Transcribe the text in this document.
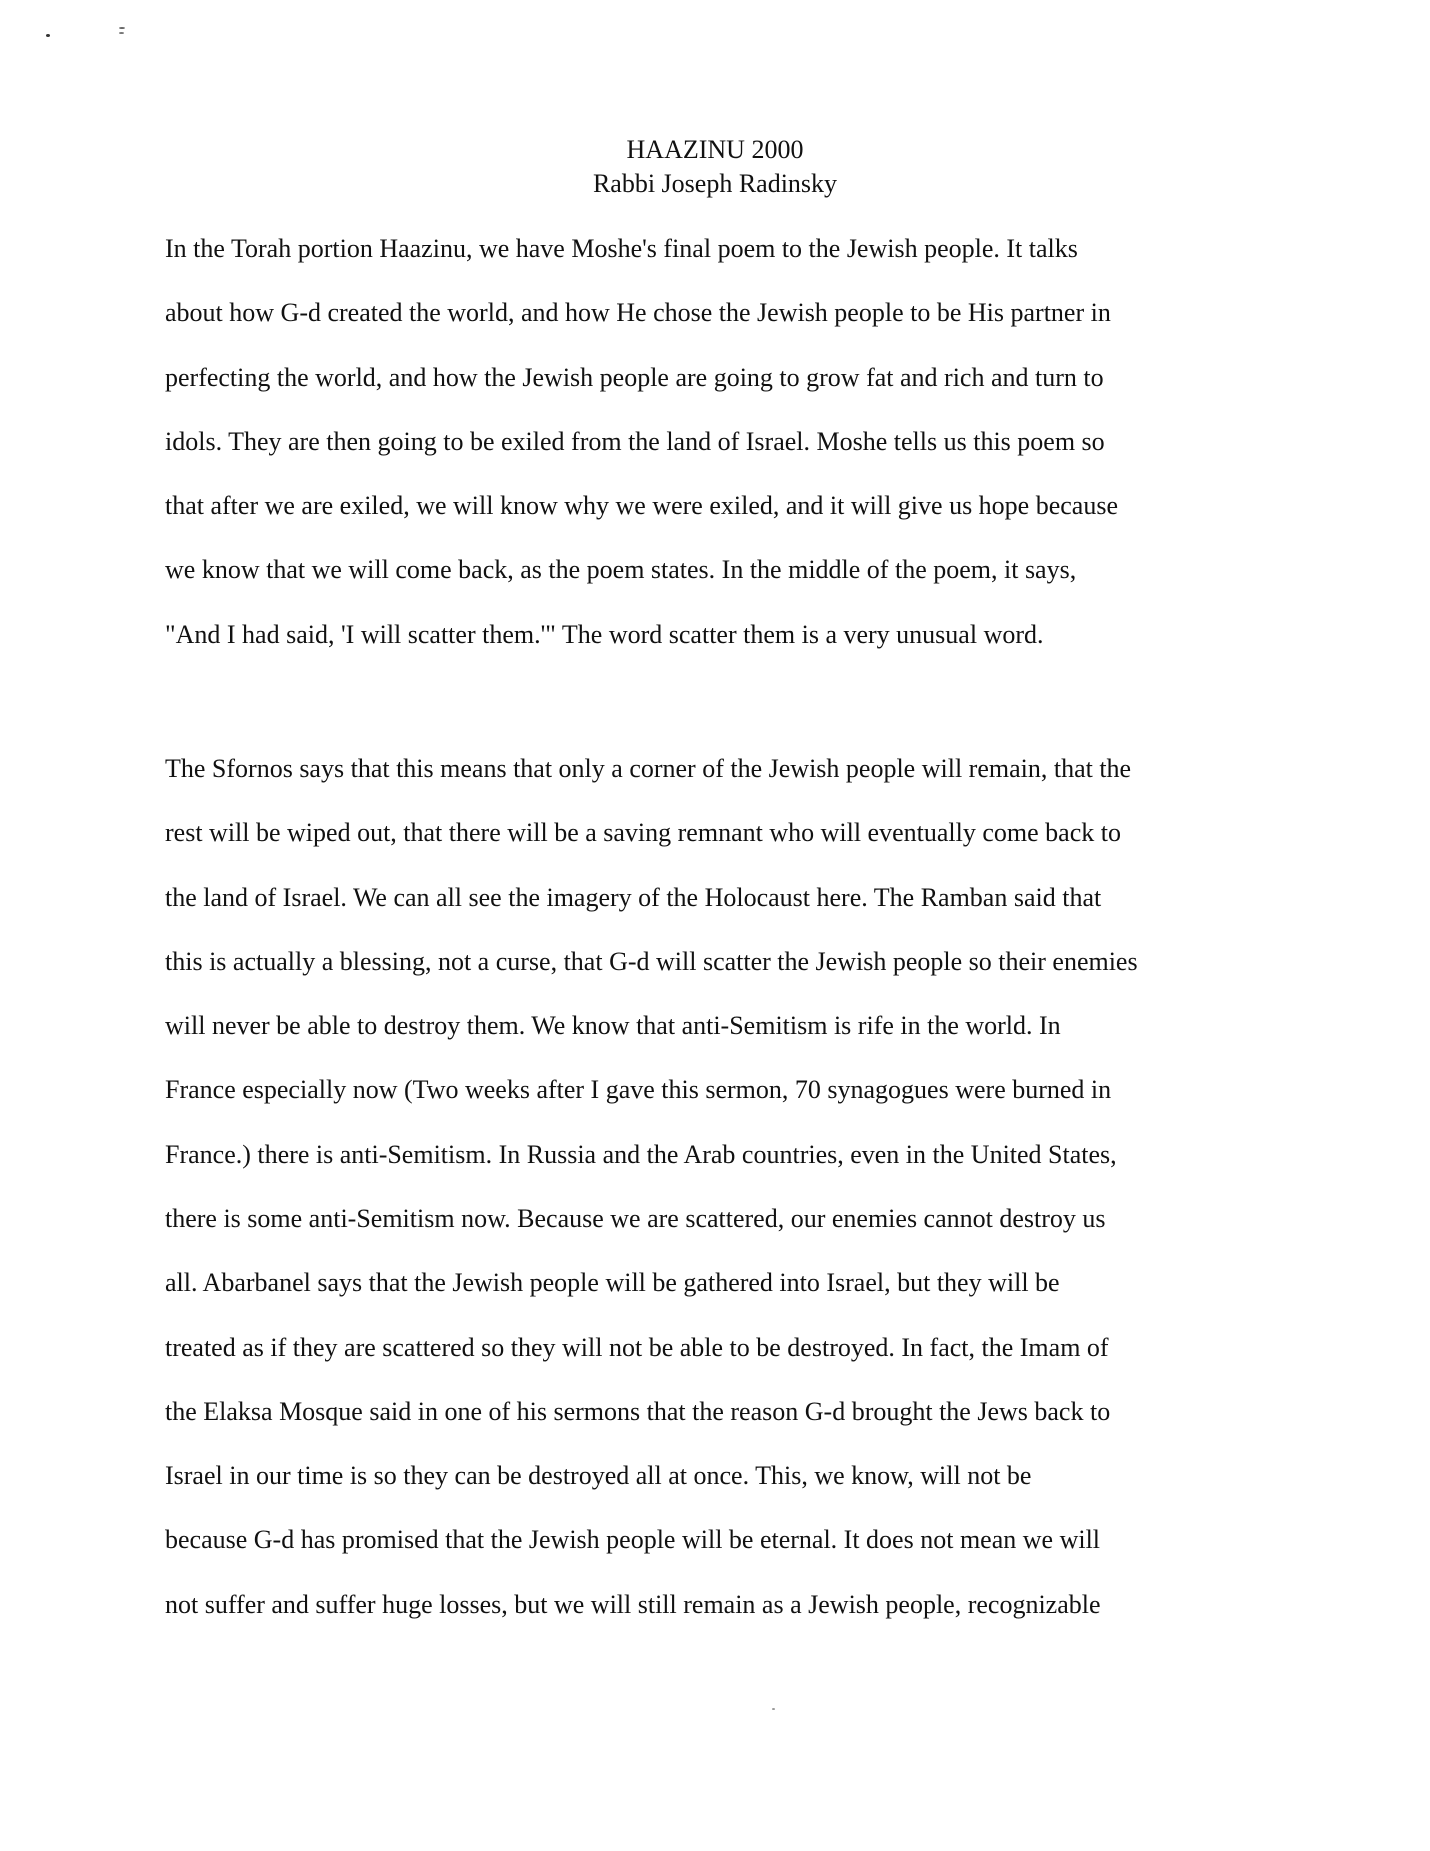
HAAZINU 2000
Rabbi Joseph Radinsky
In the Torah portion Haazinu, we have Moshe's final poem to the Jewish people. It talks
about how G-d created the world, and how He chose the Jewish people to be His partner in
perfecting the world, and how the Jewish people are going to grow fat and rich and turn to
idols. They are then going to be exiled from the land of Israel. Moshe tells us this poem so
that after we are exiled, we will know why we were exiled, and it will give us hope because
we know that we will come back, as the poem states. In the middle of the poem, it says,
"And I had said, 'I will scatter them.'" The word scatter them is a very unusual word.
The Sfornos says that this means that only a corner of the Jewish people will remain, that the
rest will be wiped out, that there will be a saving remnant who will eventually come back to
the land of Israel. We can all see the imagery of the Holocaust here. The Ramban said that
this is actually a blessing, not a curse, that G-d will scatter the Jewish people so their enemies
will never be able to destroy them. We know that anti-Semitism is rife in the world. In
France especially now (Two weeks after I gave this sermon, 70 synagogues were burned in
France.) there is anti-Semitism. In Russia and the Arab countries, even in the United States,
there is some anti-Semitism now. Because we are scattered, our enemies cannot destroy us
all. Abarbanel says that the Jewish people will be gathered into Israel, but they will be
treated as if they are scattered so they will not be able to be destroyed. In fact, the Imam of
the Elaksa Mosque said in one of his sermons that the reason G-d brought the Jews back to
Israel in our time is so they can be destroyed all at once. This, we know, will not be
because G-d has promised that the Jewish people will be eternal. It does not mean we will
not suffer and suffer huge losses, but we will still remain as a Jewish people, recognizable
